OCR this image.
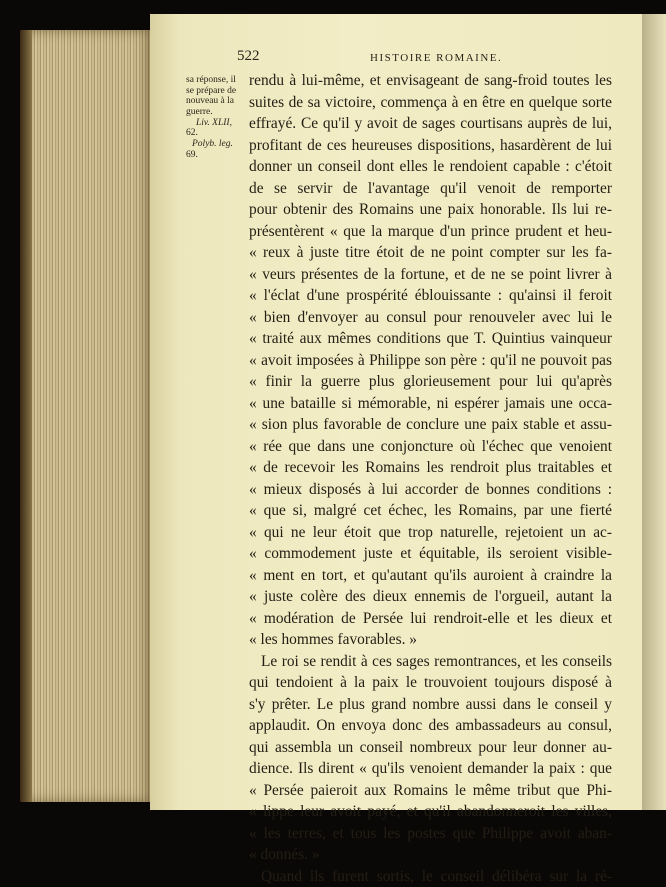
522	HISTOIRE ROMAINE.
sa réponse, il
se prépare de
nouveau à la
guerre.
Liv. XLII,
62.
Polyb. leg.
69.
rendu à lui-même, et envisageant de sang-froid toutes les
suites de sa victoire, commença à en être en quelque sorte
effrayé. Ce qu'il y avoit de sages courtisans auprès de lui,
profitant de ces heureuses dispositions, hasardèrent de lui
donner un conseil dont elles le rendoient capable : c'étoit
de se servir de l'avantage qu'il venoit de remporter
pour obtenir des Romains une paix honorable. Ils lui re-
présentèrent « que la marque d'un prince prudent et heu-
« reux à juste titre étoit de ne point compter sur les fa-
« veurs présentes de la fortune, et de ne se point livrer à
« l'éclat d'une prospérité éblouissante : qu'ainsi il feroit
« bien d'envoyer au consul pour renouveler avec lui le
« traité aux mêmes conditions que T. Quintius vainqueur
« avoit imposées à Philippe son père : qu'il ne pouvoit pas
« finir la guerre plus glorieusement pour lui qu'après
« une bataille si mémorable, ni espérer jamais une occa-
« sion plus favorable de conclure une paix stable et assu-
« rée que dans une conjoncture où l'échec que venoient
« de recevoir les Romains les rendroit plus traitables et
« mieux disposés à lui accorder de bonnes conditions :
« que si, malgré cet échec, les Romains, par une fierté
« qui ne leur étoit que trop naturelle, rejetoient un ac-
« commodement juste et équitable, ils seroient visible-
« ment en tort, et qu'autant qu'ils auroient à craindre la
« juste colère des dieux ennemis de l'orgueil, autant la
« modération de Persée lui rendroit-elle et les dieux et
« les hommes favorables. »
Le roi se rendit à ces sages remontrances, et les conseils
qui tendoient à la paix le trouvoient toujours disposé à
s'y prêter. Le plus grand nombre aussi dans le conseil y
applaudit. On envoya donc des ambassadeurs au consul,
qui assembla un conseil nombreux pour leur donner au-
dience. Ils dirent « qu'ils venoient demander la paix : que
« Persée paieroit aux Romains le même tribut que Phi-
« lippe leur avoit payé, et qu'il abandonneroit les villes,
« les terres, et tous les postes que Philippe avoit aban-
« donnés. »
Quand ils furent sortis, le conseil délibéra sur la ré-
